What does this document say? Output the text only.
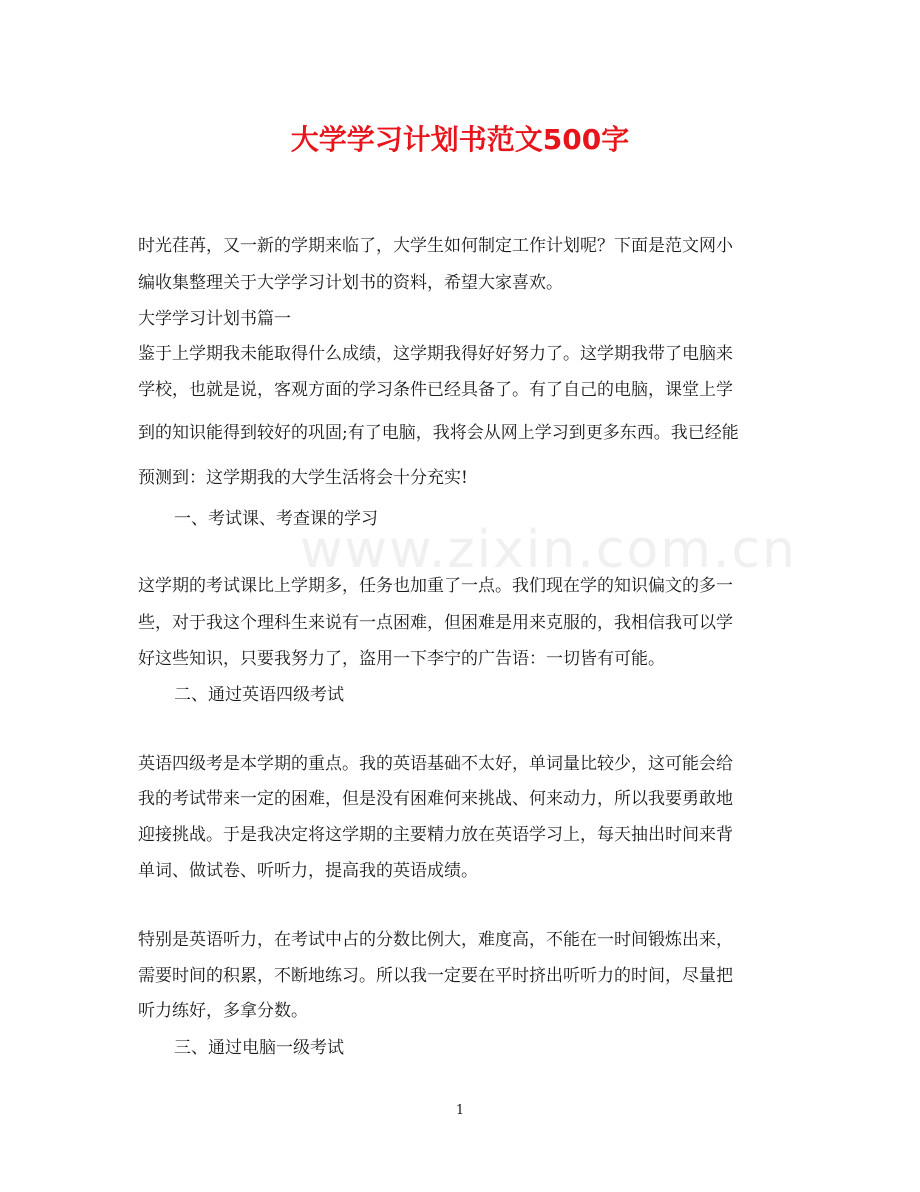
www.zixin.com.cn
大学学习计划书范文500字
时光荏苒，又一新的学期来临了，大学生如何制定工作计划呢？下面是范文网小
编收集整理关于大学学习计划书的资料，希望大家喜欢。
大学学习计划书篇一
鉴于上学期我未能取得什么成绩，这学期我得好好努力了。这学期我带了电脑来
学校，也就是说，客观方面的学习条件已经具备了。有了自己的电脑，课堂上学
到的知识能得到较好的巩固;有了电脑，我将会从网上学习到更多东西。我已经能
预测到：这学期我的大学生活将会十分充实!
一、考试课、考查课的学习
这学期的考试课比上学期多，任务也加重了一点。我们现在学的知识偏文的多一
些，对于我这个理科生来说有一点困难，但困难是用来克服的，我相信我可以学
好这些知识，只要我努力了，盗用一下李宁的广告语：一切皆有可能。
二、通过英语四级考试
英语四级考是本学期的重点。我的英语基础不太好，单词量比较少，这可能会给
我的考试带来一定的困难，但是没有困难何来挑战、何来动力，所以我要勇敢地
迎接挑战。于是我决定将这学期的主要精力放在英语学习上，每天抽出时间来背
单词、做试卷、听听力，提高我的英语成绩。
特别是英语听力，在考试中占的分数比例大，难度高，不能在一时间锻炼出来，
需要时间的积累，不断地练习。所以我一定要在平时挤出听听力的时间，尽量把
听力练好，多拿分数。
三、通过电脑一级考试
1
